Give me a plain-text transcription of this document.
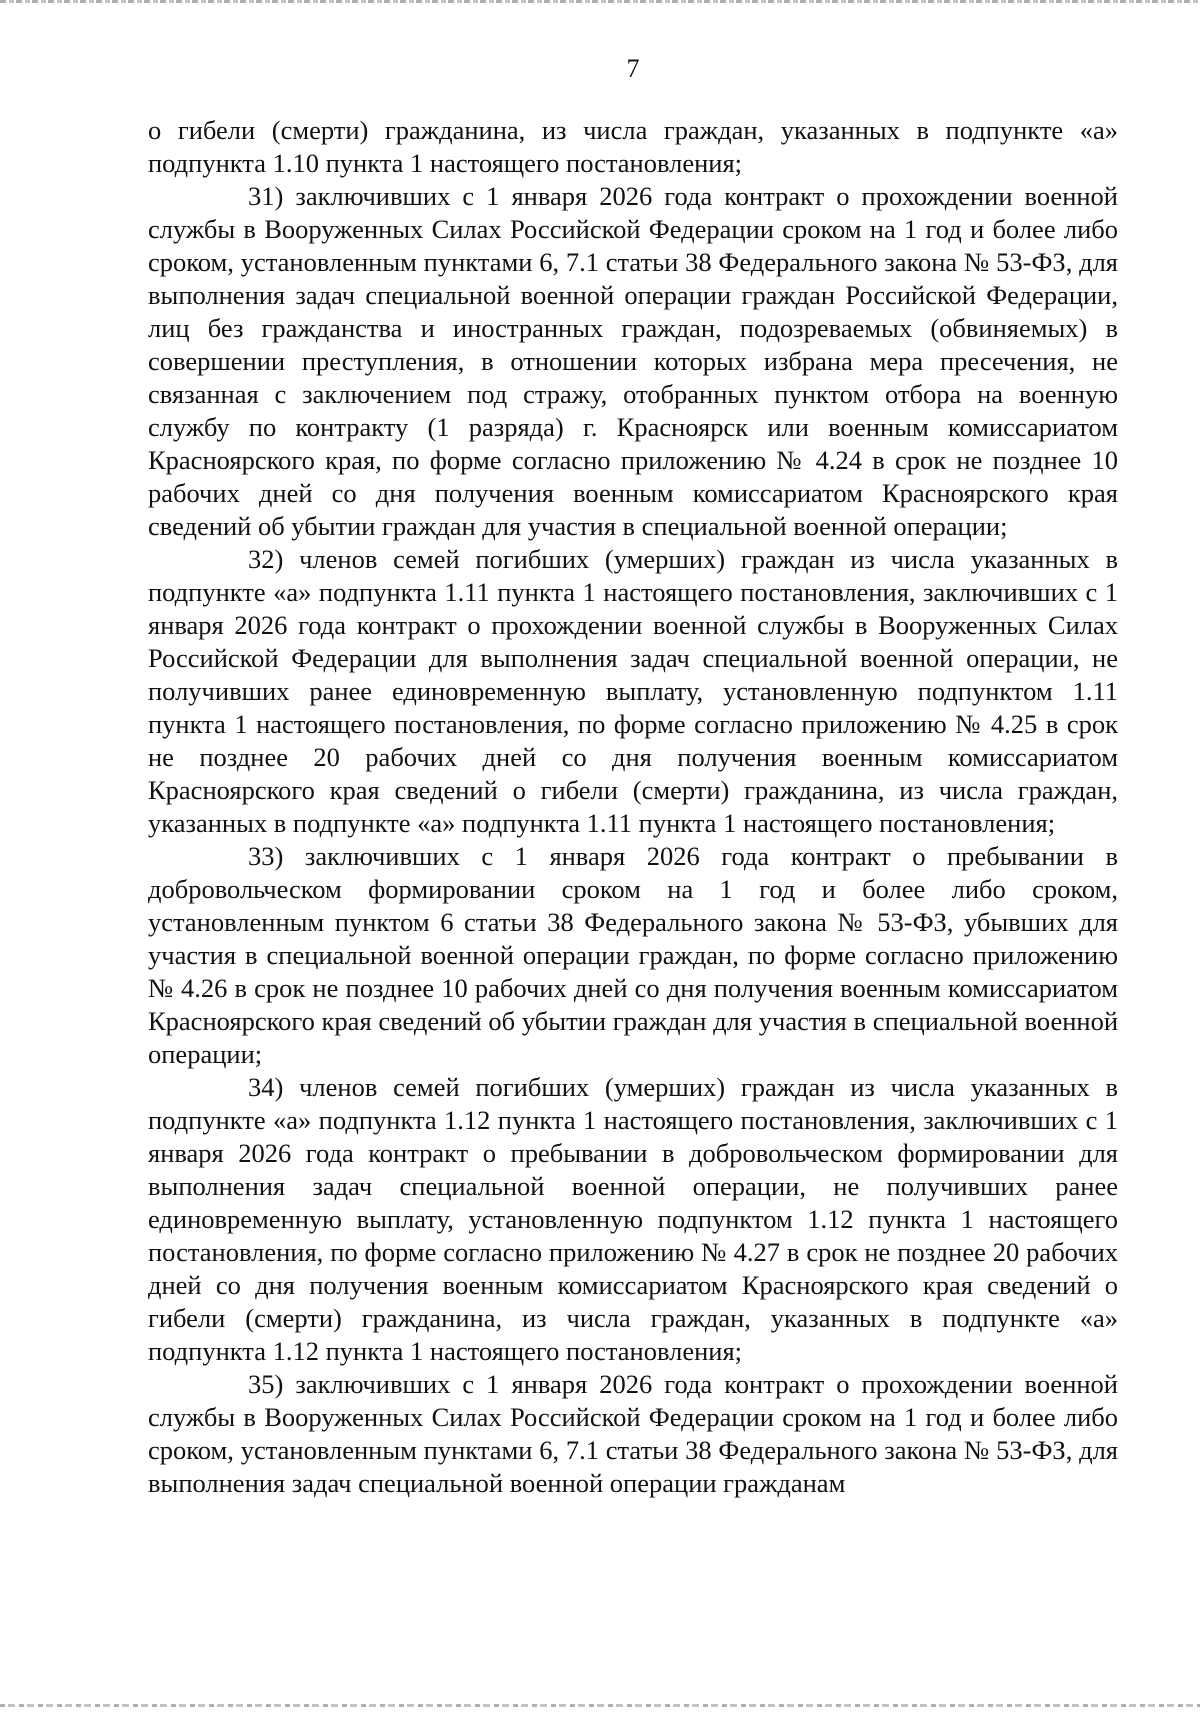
7

о гибели (смерти) гражданина, из числа граждан, указанных в подпункте «а» подпункта 1.10 пункта 1 настоящего постановления;

31) заключивших с 1 января 2026 года контракт о прохождении военной службы в Вооруженных Силах Российской Федерации сроком на 1 год и более либо сроком, установленным пунктами 6, 7.1 статьи 38 Федерального закона № 53-ФЗ, для выполнения задач специальной военной операции граждан Российской Федерации, лиц без гражданства и иностранных граждан, подозреваемых (обвиняемых) в совершении преступления, в отношении которых избрана мера пресечения, не связанная с заключением под стражу, отобранных пунктом отбора на военную службу по контракту (1 разряда) г. Красноярск или военным комиссариатом Красноярского края, по форме согласно приложению № 4.24 в срок не позднее 10 рабочих дней со дня получения военным комиссариатом Красноярского края сведений об убытии граждан для участия в специальной военной операции;

32) членов семей погибших (умерших) граждан из числа указанных в подпункте «а» подпункта 1.11 пункта 1 настоящего постановления, заключивших с 1 января 2026 года контракт о прохождении военной службы в Вооруженных Силах Российской Федерации для выполнения задач специальной военной операции, не получивших ранее единовременную выплату, установленную подпунктом 1.11 пункта 1 настоящего постановления, по форме согласно приложению № 4.25 в срок не позднее 20 рабочих дней со дня получения военным комиссариатом Красноярского края сведений о гибели (смерти) гражданина, из числа граждан, указанных в подпункте «а» подпункта 1.11 пункта 1 настоящего постановления;

33) заключивших с 1 января 2026 года контракт о пребывании в добровольческом формировании сроком на 1 год и более либо сроком, установленным пунктом 6 статьи 38 Федерального закона № 53-ФЗ, убывших для участия в специальной военной операции граждан, по форме согласно приложению № 4.26 в срок не позднее 10 рабочих дней со дня получения военным комиссариатом Красноярского края сведений об убытии граждан для участия в специальной военной операции;

34) членов семей погибших (умерших) граждан из числа указанных в подпункте «а» подпункта 1.12 пункта 1 настоящего постановления, заключивших с 1 января 2026 года контракт о пребывании в добровольческом формировании для выполнения задач специальной военной операции, не получивших ранее единовременную выплату, установленную подпунктом 1.12 пункта 1 настоящего постановления, по форме согласно приложению № 4.27 в срок не позднее 20 рабочих дней со дня получения военным комиссариатом Красноярского края сведений о гибели (смерти) гражданина, из числа граждан, указанных в подпункте «а» подпункта 1.12 пункта 1 настоящего постановления;

35) заключивших с 1 января 2026 года контракт о прохождении военной службы в Вооруженных Силах Российской Федерации сроком на 1 год и более либо сроком, установленным пунктами 6, 7.1 статьи 38 Федерального закона № 53-ФЗ, для выполнения задач специальной военной операции гражданам
